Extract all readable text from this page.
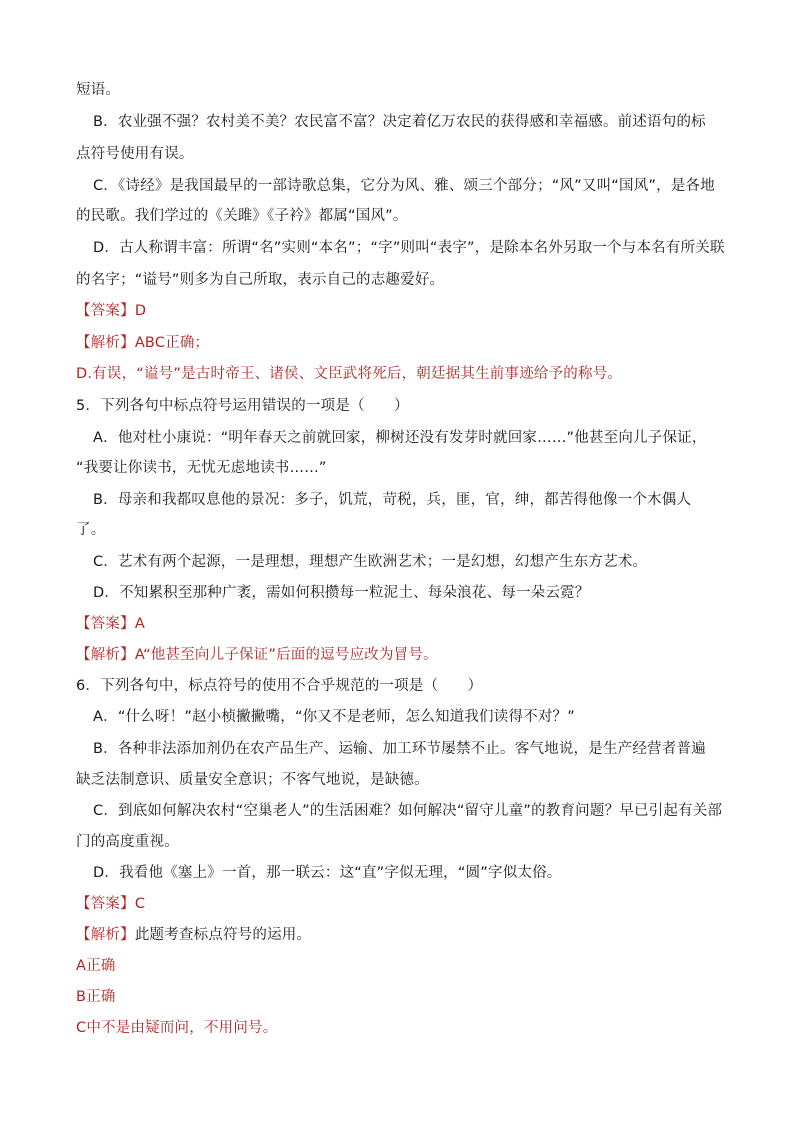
短语。
B．农业强不强？农村美不美？农民富不富？决定着亿万农民的获得感和幸福感。前述语句的标
点符号使用有误。
C．《诗经》是我国最早的一部诗歌总集，它分为风、雅、颂三个部分；“风”又叫“国风”，是各地
的民歌。我们学过的《关雎》《子衿》都属“国风”。
D．古人称谓丰富：所谓“名”实则“本名”；“字”则叫“表字”，是除本名外另取一个与本名有所关联
的名字；“谥号”则多为自己所取，表示自己的志趣爱好。
【答案】D
【解析】ABC正确；
D.有误，“谥号”是古时帝王、诸侯、文臣武将死后，朝廷据其生前事迹给予的称号。
5．下列各句中标点符号运用错误的一项是（　　）
A．他对杜小康说：“明年春天之前就回家，柳树还没有发芽时就回家……”他甚至向儿子保证，
“我要让你读书，无忧无虑地读书……”
B．母亲和我都叹息他的景况：多子，饥荒，苛税，兵，匪，官，绅，都苦得他像一个木偶人
了。
C．艺术有两个起源，一是理想，理想产生欧洲艺术；一是幻想，幻想产生东方艺术。
D．不知累积至那种广袤，需如何积攒每一粒泥土、每朵浪花、每一朵云霓？
【答案】A
【解析】A“他甚至向儿子保证”后面的逗号应改为冒号。
6．下列各句中，标点符号的使用不合乎规范的一项是（　　）
A．“什么呀！”赵小桢撇撇嘴，“你又不是老师，怎么知道我们读得不对？”
B．各种非法添加剂仍在农产品生产、运输、加工环节屡禁不止。客气地说，是生产经营者普遍
缺乏法制意识、质量安全意识；不客气地说，是缺德。
C．到底如何解决农村“空巢老人”的生活困难？如何解决“留守儿童”的教育问题？早已引起有关部
门的高度重视。
D．我看他《塞上》一首，那一联云：这“直”字似无理，“圆”字似太俗。
【答案】C
【解析】此题考查标点符号的运用。
A正确
B正确
C中不是由疑而问，不用问号。
